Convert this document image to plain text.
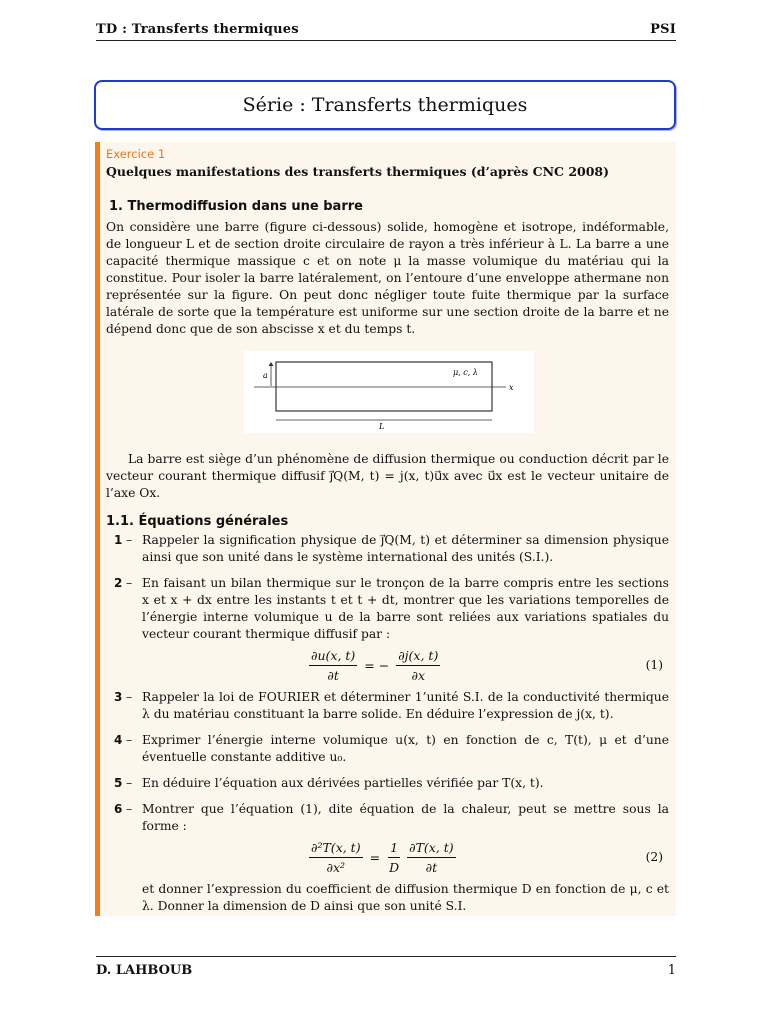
TD : Transferts thermiques	PSI
Série : Transferts thermiques

Exercice 1

Quelques manifestations des transferts thermiques (d’après CNC 2008)

1. Thermodiffusion dans une barre

On considère une barre (figure ci-dessous) solide, homogène et isotrope, indéformable, de longueur L et de section droite circulaire de rayon a très inférieur à L. La barre a une capacité thermique massique c et on note μ la masse volumique du matériau qui la constitue. Pour isoler la barre latéralement, on l’entoure d’une enveloppe athermane non représentée sur la figure. On peut donc négliger toute fuite thermique par la surface latérale de sorte que la température est uniforme sur une section droite de la barre et ne dépend donc que de son abscisse x et du temps t.

a	μ, c, λ
x
L

La barre est siège d’un phénomène de diffusion thermique ou conduction décrit par le vecteur courant thermique diffusif j⃗Q(M, t) = j(x, t)u⃗x avec u⃗x est le vecteur unitaire de l’axe Ox.

1.1. Équations générales

1 – Rappeler la signification physique de j⃗Q(M, t) et déterminer sa dimension physique ainsi que son unité dans le système international des unités (S.I.).
2 – En faisant un bilan thermique sur le tronçon de la barre compris entre les sections x et x + dx entre les instants t et t + dt, montrer que les variations temporelles de l’énergie interne volumique u de la barre sont reliées aux variations spatiales du vecteur courant thermique diffusif par :
$\frac{\partial u(x, t)}{\partial t}$ = − $\frac{\partial j(x, t)}{\partial x}$	(1)
3 – Rappeler la loi de FOURIER et déterminer 1’unité S.I. de la conductivité thermique λ du matériau constituant la barre solide. En déduire l’expression de j(x, t).
4 – Exprimer l’énergie interne volumique u(x, t) en fonction de c, T(t), μ et d’une éventuelle constante additive u₀.
5 – En déduire l’équation aux dérivées partielles vérifiée par T(x, t).
6 – Montrer que l’équation (1), dite équation de la chaleur, peut se mettre sous la forme :
$\frac{\text{∂²T(x, t)}}{\text{∂x²}} = \frac{1}{D} \frac{\partial T(x, t)}{\partial t}$	(2)

et donner l’expression du coefficient de diffusion thermique D en fonction de μ, c et λ. Donner la dimension de D ainsi que son unité S.I.

D. LAHBOUB	1
